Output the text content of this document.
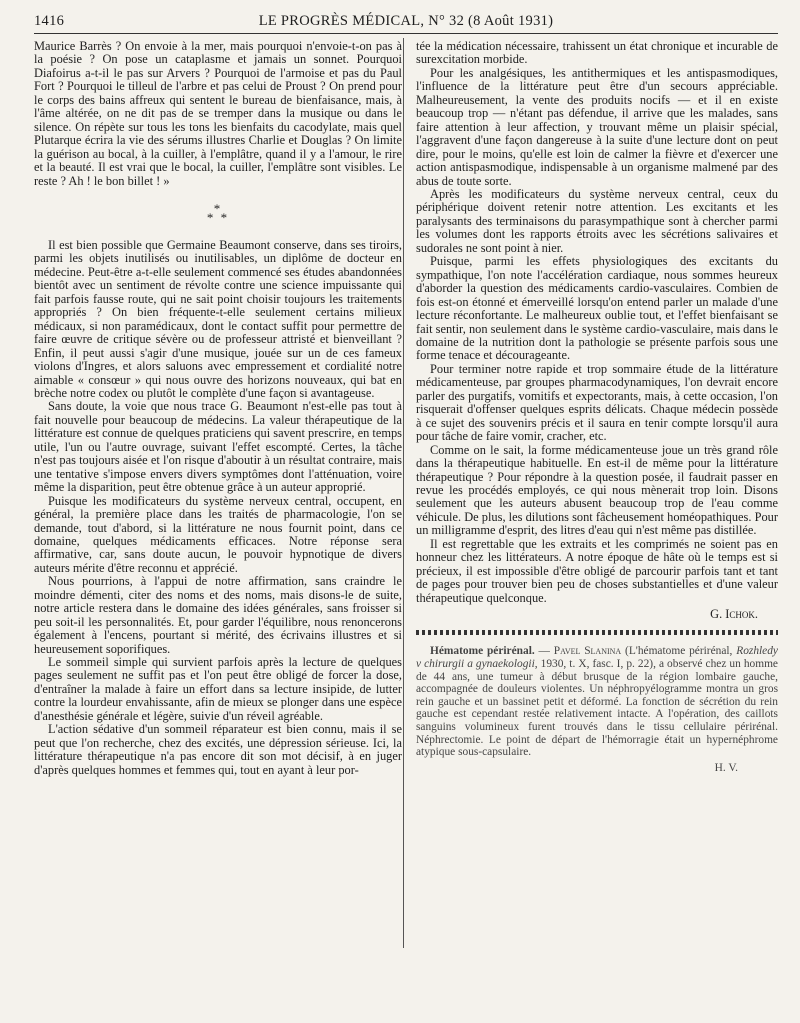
1416	LE PROGRÈS MÉDICAL, N° 32 (8 Août 1931)

Maurice Barrès ? On envoie à la mer, mais pourquoi n'envoie-t-on pas à la poésie ? On pose un cataplasme et jamais un sonnet. Pourquoi Diafoirus a-t-il le pas sur Arvers ? Pourquoi de l'armoise et pas du Paul Fort ? Pourquoi le tilleul de l'arbre et pas celui de Proust ? On prend pour le corps des bains affreux qui sentent le bureau de bienfaisance, mais, à l'âme altérée, on ne dit pas de se tremper dans la musique ou dans le silence. On répète sur tous les tons les bienfaits du cacodylate, mais quel Plutarque écrira la vie des sérums illustres Charlie et Douglas ? On limite la guérison au bocal, à la cuiller, à l'emplâtre, quand il y a l'amour, le rire et la beauté. Il est vrai que le bocal, la cuiller, l'emplâtre sont visibles. Le reste ? Ah ! le bon billet ! »

*
* *

Il est bien possible que Germaine Beaumont conserve, dans ses tiroirs, parmi les objets inutilisés ou inutilisables, un diplôme de docteur en médecine. Peut-être a-t-elle seulement commencé ses études abandonnées bientôt avec un sentiment de révolte contre une science impuissante qui fait parfois fausse route, qui ne sait point choisir toujours les traitements appropriés ? On bien fréquente-t-elle seulement certains milieux médicaux, si non paramédicaux, dont le contact suffit pour permettre de faire œuvre de critique sévère ou de professeur attristé et bienveillant ? Enfin, il peut aussi s'agir d'une musique, jouée sur un de ces fameux violons d'Ingres, et alors saluons avec empressement et cordialité notre aimable « consœur » qui nous ouvre des horizons nouveaux, qui bat en brèche notre codex ou plutôt le complète d'une façon si avantageuse.

Sans doute, la voie que nous trace G. Beaumont n'est-elle pas tout à fait nouvelle pour beaucoup de médecins. La valeur thérapeutique de la littérature est connue de quelques praticiens qui savent prescrire, en temps utile, l'un ou l'autre ouvrage, suivant l'effet escompté. Certes, la tâche n'est pas toujours aisée et l'on risque d'aboutir à un résultat contraire, mais une tentative s'impose envers divers symptômes dont l'atténuation, voire même la disparition, peut être obtenue grâce à un auteur approprié.

Puisque les modificateurs du système nerveux central, occupent, en général, la première place dans les traités de pharmacologie, l'on se demande, tout d'abord, si la littérature ne nous fournit point, dans ce domaine, quelques médicaments efficaces. Notre réponse sera affirmative, car, sans doute aucun, le pouvoir hypnotique de divers auteurs mérite d'être reconnu et apprécié.

Nous pourrions, à l'appui de notre affirmation, sans craindre le moindre démenti, citer des noms et des noms, mais disons-le de suite, notre article restera dans le domaine des idées générales, sans froisser si peu soit-il les personnalités. Et, pour garder l'équilibre, nous renoncerons également à l'encens, pourtant si mérité, des écrivains illustres et si heureusement soporifiques.

Le sommeil simple qui survient parfois après la lecture de quelques pages seulement ne suffit pas et l'on peut être obligé de forcer la dose, d'entraîner la malade à faire un effort dans sa lecture insipide, de lutter contre la lourdeur envahissante, afin de mieux se plonger dans une espèce d'anesthésie générale et légère, suivie d'un réveil agréable.

L'action sédative d'un sommeil réparateur est bien connu, mais il se peut que l'on recherche, chez des excités, une dépression sérieuse. Ici, la littérature thérapeutique n'a pas encore dit son mot décisif, à en juger d'après quelques hommes et femmes qui, tout en ayant à leur por-

tée la médication nécessaire, trahissent un état chronique et incurable de surexcitation morbide.

Pour les analgésiques, les antithermiques et les antispasmodiques, l'influence de la littérature peut être d'un secours appréciable. Malheureusement, la vente des produits nocifs — et il en existe beaucoup trop — n'étant pas défendue, il arrive que les malades, sans faire attention à leur affection, y trouvant même un plaisir spécial, l'aggravent d'une façon dangereuse à la suite d'une lecture dont on peut dire, pour le moins, qu'elle est loin de calmer la fièvre et d'exercer une action antispasmodique, indispensable à un organisme malmené par des abus de toute sorte.

Après les modificateurs du système nerveux central, ceux du périphérique doivent retenir notre attention. Les excitants et les paralysants des terminaisons du parasympathique sont à chercher parmi les volumes dont les rapports étroits avec les sécrétions salivaires et sudorales ne sont point à nier.

Puisque, parmi les effets physiologiques des excitants du sympathique, l'on note l'accélération cardiaque, nous sommes heureux d'aborder la question des médicaments cardio-vasculaires. Combien de fois est-on étonné et émerveillé lorsqu'on entend parler un malade d'une lecture réconfortante. Le malheureux oublie tout, et l'effet bienfaisant se fait sentir, non seulement dans le système cardio-vasculaire, mais dans le domaine de la nutrition dont la pathologie se présente parfois sous une forme tenace et décourageante.

Pour terminer notre rapide et trop sommaire étude de la littérature médicamenteuse, par groupes pharmacodynamiques, l'on devrait encore parler des purgatifs, vomitifs et expectorants, mais, à cette occasion, l'on risquerait d'offenser quelques esprits délicats. Chaque médecin possède à ce sujet des souvenirs précis et il saura en tenir compte lorsqu'il aura pour tâche de faire vomir, cracher, etc.

Comme on le sait, la forme médicamenteuse joue un très grand rôle dans la thérapeutique habituelle. En est-il de même pour la littérature thérapeutique ? Pour répondre à la question posée, il faudrait passer en revue les procédés employés, ce qui nous mènerait trop loin. Disons seulement que les auteurs abusent beaucoup trop de l'eau comme véhicule. De plus, les dilutions sont fâcheusement homéopathiques. Pour un milligramme d'esprit, des litres d'eau qui n'est même pas distillée.

Il est regrettable que les extraits et les comprimés ne soient pas en honneur chez les littérateurs. A notre époque de hâte où le temps est si précieux, il est impossible d'être obligé de parcourir parfois tant et tant de pages pour trouver bien peu de choses substantielles et d'une valeur thérapeutique quelconque.

G. Ichok.

Hématome périrénal. — Pavel Slanina (L'hématome périrénal, Rozhledy v chirurgii a gynaekologii, 1930, t. X, fasc. I, p. 22), a observé chez un homme de 44 ans, une tumeur à début brusque de la région lombaire gauche, accompagnée de douleurs violentes. Un néphropyélogramme montra un gros rein gauche et un bassinet petit et déformé. La fonction de sécrétion du rein gauche est cependant restée relativement intacte. A l'opération, des caillots sanguins volumineux furent trouvés dans le tissu cellulaire périrénal. Néphrectomie. Le point de départ de l'hémorragie était un hypernéphrome atypique sous-capsulaire.

H. V.
